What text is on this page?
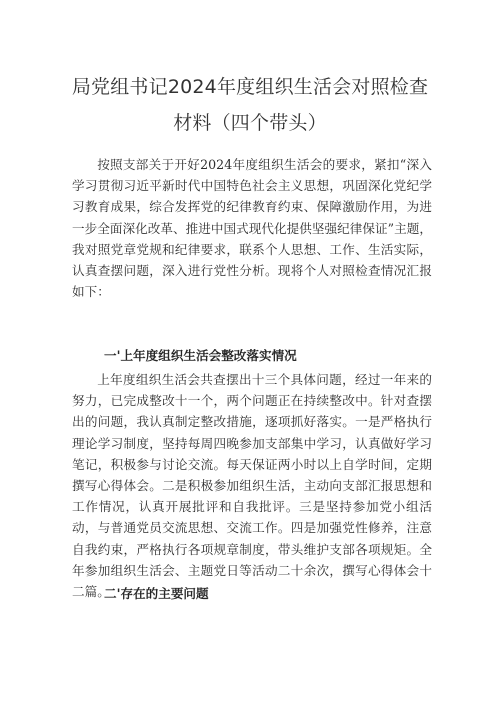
局党组书记2024年度组织生活会对照检查
材料（四个带头）

按照支部关于开好2024年度组织生活会的要求，紧扣“深入学习贯彻习近平新时代中国特色社会主义思想，巩固深化党纪学习教育成果，综合发挥党的纪律教育约束、保障激励作用，为进一步全面深化改革、推进中国式现代化提供坚强纪律保证”主题，我对照党章党规和纪律要求，联系个人思想、工作、生活实际，认真查摆问题，深入进行党性分析。现将个人对照检查情况汇报如下：

一'上年度组织生活会整改落实情况

上年度组织生活会共查摆出十三个具体问题，经过一年来的努力，已完成整改十一个，两个问题正在持续整改中。针对查摆出的问题，我认真制定整改措施，逐项抓好落实。一是严格执行理论学习制度，坚持每周四晚参加支部集中学习，认真做好学习笔记，积极参与讨论交流。每天保证两小时以上自学时间，定期撰写心得体会。二是积极参加组织生活，主动向支部汇报思想和工作情况，认真开展批评和自我批评。三是坚持参加党小组活动，与普通党员交流思想、交流工作。四是加强党性修养，注意自我约束，严格执行各项规章制度，带头维护支部各项规矩。全年参加组织生活会、主题党日等活动二十余次，撰写心得体会十二篇。

二'存在的主要问题
